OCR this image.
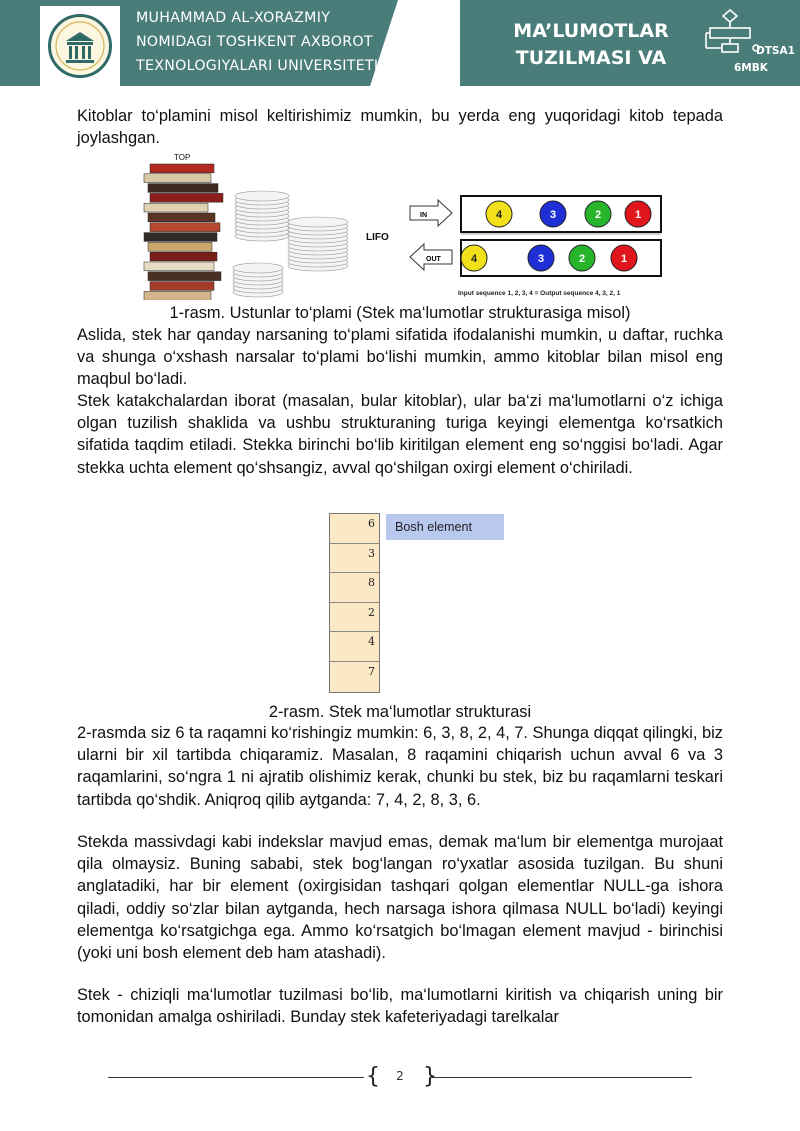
MUHAMMAD AL-XORAZMIY
NOMIDAGI TOSHKENT AXBOROT
TEXNOLOGIYALARI UNIVERSITETI
MA’LUMOTLAR
TUZILMASI VA	DTSA1
6MBK

Kitoblar to‘plamini misol keltirishimiz mumkin, bu yerda eng yuqoridagi kitob tepada joylashgan.

TOP
LIFO
IN
OUT
4	3	2	1
4	3	2	1
Input sequence 1, 2, 3, 4 = Output sequence 4, 3, 2, 1

1-rasm. Ustunlar to‘plami (Stek ma‘lumotlar strukturasiga misol)

Aslida, stek har qanday narsaning to‘plami sifatida ifodalanishi mumkin, u daftar, ruchka va shunga o‘xshash narsalar to‘plami bo‘lishi mumkin, ammo kitoblar bilan misol eng maqbul bo‘ladi.

Stek katakchalardan iborat (masalan, bular kitoblar), ular ba‘zi ma‘lumotlarni o‘z ichiga olgan tuzilish shaklida va ushbu strukturaning turiga keyingi elementga ko‘rsatkich sifatida taqdim etiladi. Stekka birinchi bo‘lib kiritilgan element eng so‘nggisi bo‘ladi. Agar stekka uchta element qo‘shsangiz, avval qo‘shilgan oxirgi element o‘chiriladi.

6
3
8
2
4
7
Bosh element

2-rasm. Stek ma‘lumotlar strukturasi

2-rasmda siz 6 ta raqamni ko‘rishingiz mumkin: 6, 3, 8, 2, 4, 7. Shunga diqqat qilingki, biz ularni bir xil tartibda chiqaramiz. Masalan, 8 raqamini chiqarish uchun avval 6 va 3 raqamlarini, so‘ngra 1 ni ajratib olishimiz kerak, chunki bu stek, biz bu raqamlarni teskari tartibda qo‘shdik. Aniqroq qilib aytganda: 7, 4, 2, 8, 3, 6.

Stekda massivdagi kabi indekslar mavjud emas, demak ma‘lum bir elementga murojaat qila olmaysiz. Buning sababi, stek bog‘langan ro‘yxatlar asosida tuzilgan. Bu shuni anglatadiki, har bir element (oxirgisidan tashqari qolgan elementlar NULL-ga ishora qiladi, oddiy so‘zlar bilan aytganda, hech narsaga ishora qilmasa NULL bo‘ladi) keyingi elementga ko‘rsatgichga ega. Ammo ko‘rsatgich bo‘lmagan element mavjud - birinchisi (yoki uni bosh element deb ham atashadi).

Stek - chiziqli ma‘lumotlar tuzilmasi bo‘lib, ma‘lumotlarni kiritish va chiqarish uning bir tomonidan amalga oshiriladi. Bunday stek kafeteriyadagi tarelkalar

{	2 }
